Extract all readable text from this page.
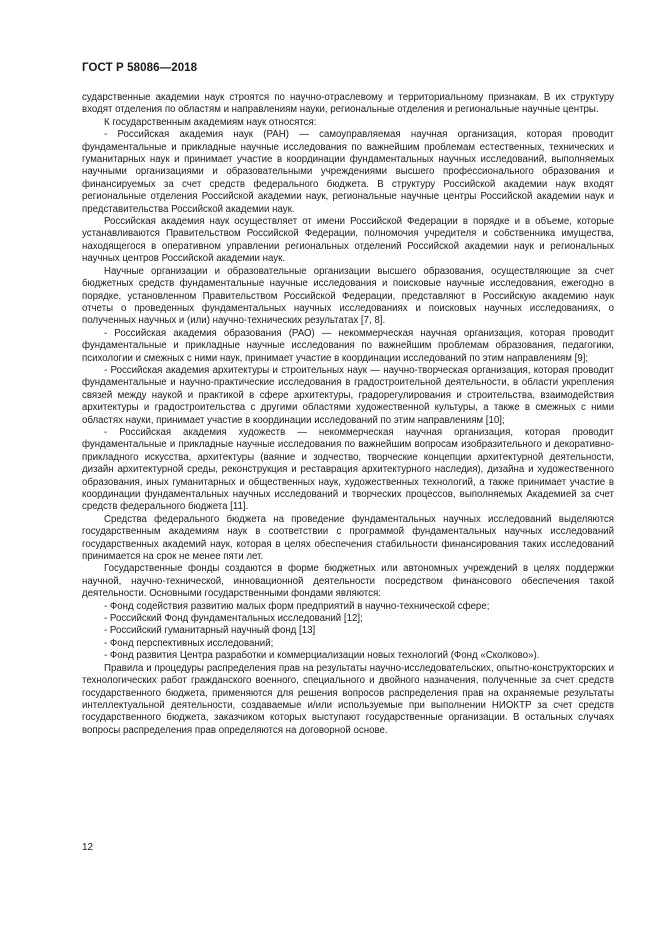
ГОСТ Р 58086—2018

сударственные академии наук строятся по научно-отраслевому и территориальному признакам. В их структуру входят отделения по областям и направлениям науки, региональные отделения и региональные научные центры.

К государственным академиям наук относятся:

- Российская академия наук (РАН) — самоуправляемая научная организация, которая проводит фундаментальные и прикладные научные исследования по важнейшим проблемам естественных, технических и гуманитарных наук и принимает участие в координации фундаментальных научных исследований, выполняемых научными организациями и образовательными учреждениями высшего профессионального образования и финансируемых за счет средств федерального бюджета. В структуру Российской академии наук входят региональные отделения Российской академии наук, региональные научные центры Российской академии наук и представительства Российской академии наук.

Российская академия наук осуществляет от имени Российской Федерации в порядке и в объеме, которые устанавливаются Правительством Российской Федерации, полномочия учредителя и собственника имущества, находящегося в оперативном управлении региональных отделений Российской академии наук и региональных научных центров Российской академии наук.

Научные организации и образовательные организации высшего образования, осуществляющие за счет бюджетных средств фундаментальные научные исследования и поисковые научные исследования, ежегодно в порядке, установленном Правительством Российской Федерации, представляют в Российскую академию наук отчеты о проведенных фундаментальных научных исследованиях и поисковых научных исследованиях, о полученных научных и (или) научно-технических результатах [7, 8].

- Российская академия образования (РАО) — некоммерческая научная организация, которая проводит фундаментальные и прикладные научные исследования по важнейшим проблемам образования, педагогики, психологии и смежных с ними наук, принимает участие в координации исследований по этим направлениям [9];

- Российская академия архитектуры и строительных наук — научно-творческая организация, которая проводит фундаментальные и научно-практические исследования в градостроительной деятельности, в области укрепления связей между наукой и практикой в сфере архитектуры, градорегулирования и строительства, взаимодействия архитектуры и градостроительства с другими областями художественной культуры, а также в смежных с ними областях науки, принимает участие в координации исследований по этим направлениям [10];

- Российская академия художеств — некоммерческая научная организация, которая проводит фундаментальные и прикладные научные исследования по важнейшим вопросам изобразительного и декоративно-прикладного искусства, архитектуры (ваяние и зодчество, творческие концепции архитектурной деятельности, дизайн архитектурной среды, реконструкция и реставрация архитектурного наследия), дизайна и художественного образования, иных гуманитарных и общественных наук, художественных технологий, а также принимает участие в координации фундаментальных научных исследований и творческих процессов, выполняемых Академией за счет средств федерального бюджета [11].

Средства федерального бюджета на проведение фундаментальных научных исследований выделяются государственным академиям наук в соответствии с программой фундаментальных научных исследований государственных академий наук, которая в целях обеспечения стабильности финансирования таких исследований принимается на срок не менее пяти лет.

Государственные фонды создаются в форме бюджетных или автономных учреждений в целях поддержки научной, научно-технической, инновационной деятельности посредством финансового обеспечения такой деятельности. Основными государственными фондами являются:

- Фонд содействия развитию малых форм предприятий в научно-технической сфере;

- Российский Фонд фундаментальных исследований [12];

- Российский гуманитарный научный фонд [13]

- Фонд перспективных исследований;

- Фонд развития Центра разработки и коммерциализации новых технологий (Фонд «Сколково»).

Правила и процедуры распределения прав на результаты научно-исследовательских, опытно-конструкторских и технологических работ гражданского военного, специального и двойного назначения, полученные за счет средств государственного бюджета, применяются для решения вопросов распределения прав на охраняемые результаты интеллектуальной деятельности, создаваемые и/или используемые при выполнении НИОКТР за счет средств государственного бюджета, заказчиком которых выступают государственные организации. В остальных случаях вопросы распределения прав определяются на договорной основе.

12
